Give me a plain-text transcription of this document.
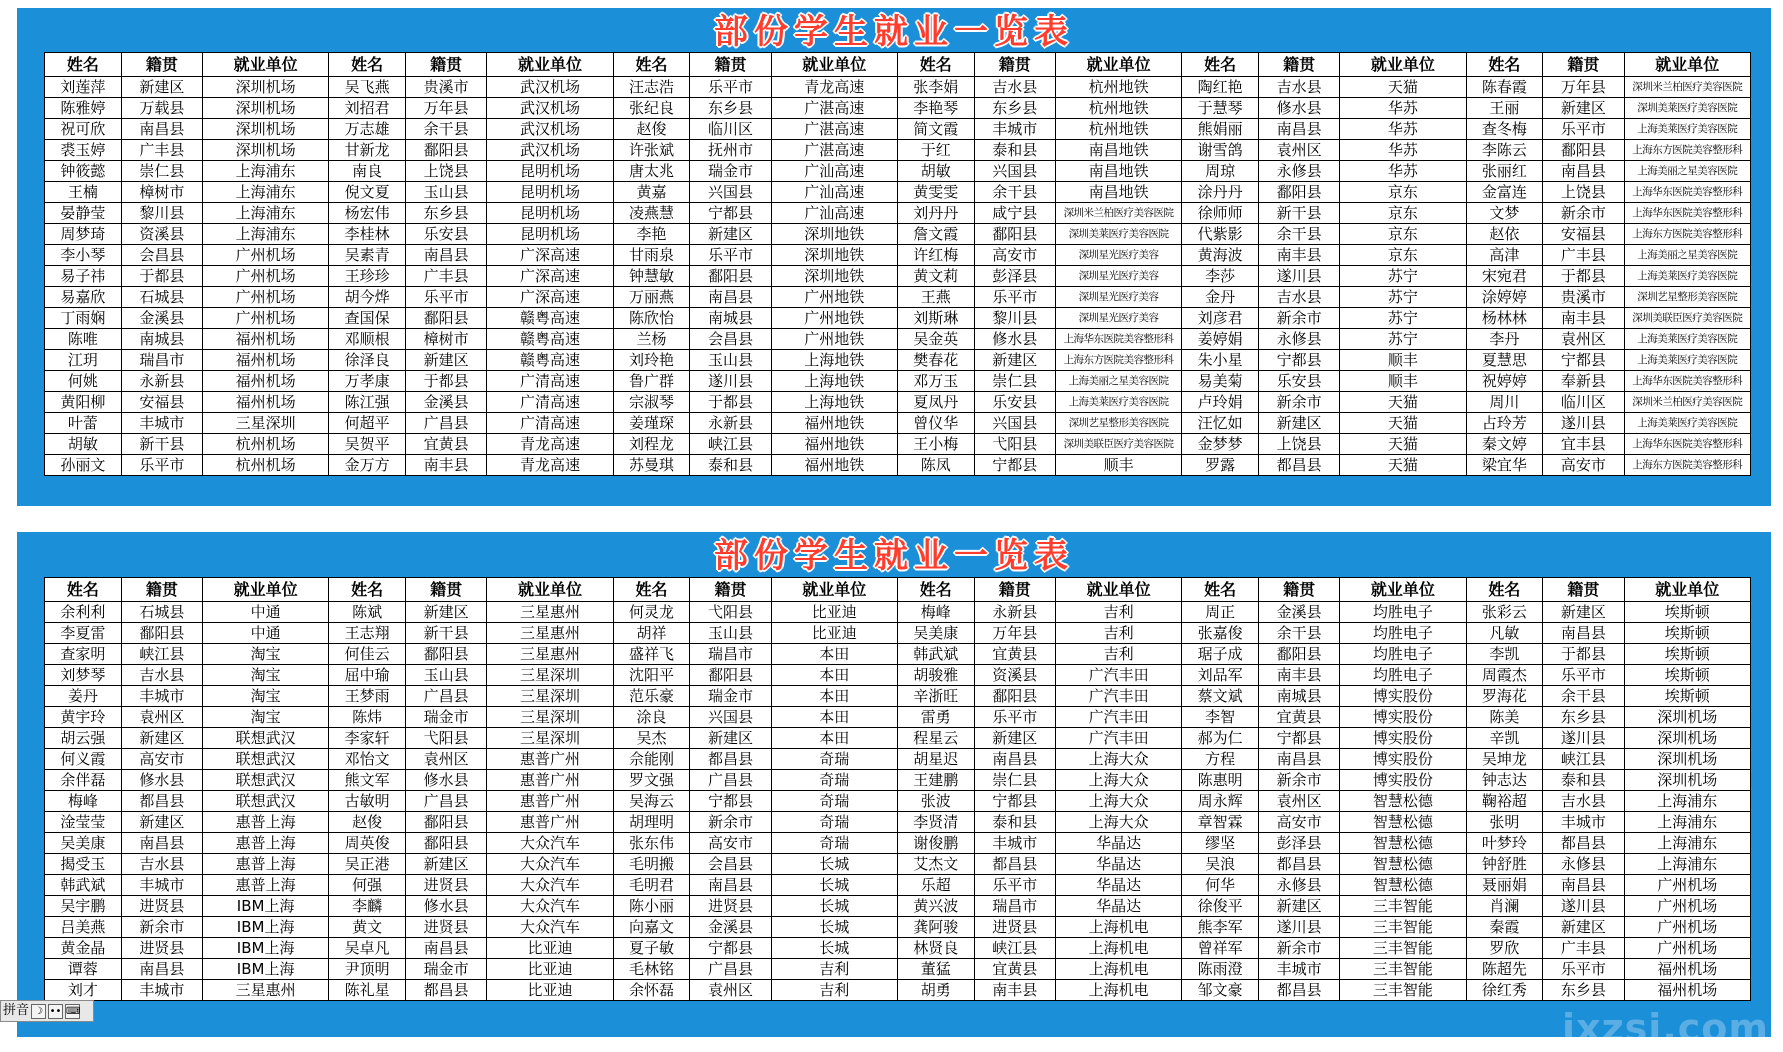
部份学生就业一览表
姓名	籍贯	就业单位	姓名	籍贯	就业单位	姓名	籍贯	就业单位	姓名	籍贯	就业单位	姓名	籍贯	就业单位	姓名	籍贯	就业单位
刘莲萍	新建区	深圳机场	吴飞燕	贵溪市	武汉机场	汪志浩	乐平市	青龙高速	张李娟	吉水县	杭州地铁	陶红艳	吉水县	天猫	陈春霞	万年县	深圳米兰柏医疗美容医院
陈雅婷	万载县	深圳机场	刘招君	万年县	武汉机场	张纪良	东乡县	广湛高速	李艳琴	东乡县	杭州地铁	于慧琴	修水县	华苏	王丽	新建区	深圳美莱医疗美容医院
祝可欣	南昌县	深圳机场	万志雄	余干县	武汉机场	赵俊	临川区	广湛高速	简文霞	丰城市	杭州地铁	熊娟丽	南昌县	华苏	查冬梅	乐平市	上海美莱医疗美容医院
裘玉婷	广丰县	深圳机场	甘新龙	鄱阳县	武汉机场	许张斌	抚州市	广湛高速	于红	泰和县	南昌地铁	谢雪鸽	袁州区	华苏	李陈云	鄱阳县	上海东方医院美容整形科
钟筱懿	崇仁县	上海浦东	南良	上饶县	昆明机场	唐太兆	瑞金市	广汕高速	胡敏	兴国县	南昌地铁	周琼	永修县	华苏	张丽红	南昌县	上海美丽之星美容医院
王楠	樟树市	上海浦东	倪文夏	玉山县	昆明机场	黄嘉	兴国县	广汕高速	黄雯雯	余干县	南昌地铁	涂丹丹	鄱阳县	京东	金富连	上饶县	上海华东医院美容整形科
晏静莹	黎川县	上海浦东	杨宏伟	东乡县	昆明机场	凌燕慧	宁都县	广汕高速	刘丹丹	咸宁县	深圳米兰柏医疗美容医院	徐师师	新干县	京东	文梦	新余市	上海华东医院美容整形科
周梦琦	资溪县	上海浦东	李桂林	乐安县	昆明机场	李艳	新建区	深圳地铁	詹文霞	鄱阳县	深圳美莱医疗美容医院	代紫影	余干县	京东	赵依	安福县	上海东方医院美容整形科
李小琴	会昌县	广州机场	吴素青	南昌县	广深高速	甘雨泉	乐平市	深圳地铁	许红梅	高安市	深圳星光医疗美容	黄海波	南丰县	京东	高津	广丰县	上海美丽之星美容医院
易子祎	于都县	广州机场	王珍珍	广丰县	广深高速	钟慧敏	鄱阳县	深圳地铁	黄文莉	彭泽县	深圳星光医疗美容	李莎	遂川县	苏宁	宋宛君	于都县	上海美莱医疗美容医院
易嘉欣	石城县	广州机场	胡今烨	乐平市	广深高速	万丽燕	南昌县	广州地铁	王燕	乐平市	深圳星光医疗美容	金丹	吉水县	苏宁	涂婷婷	贵溪市	深圳艺星整形美容医院
丁雨娴	金溪县	广州机场	查国保	鄱阳县	赣粤高速	陈欣怡	南城县	广州地铁	刘斯琳	黎川县	深圳星光医疗美容	刘彦君	新余市	苏宁	杨林林	南丰县	深圳美联臣医疗美容医院
陈唯	南城县	福州机场	邓顺根	樟树市	赣粤高速	兰杨	会昌县	广州地铁	吴金英	修水县	上海华东医院美容整形科	姜婷娟	永修县	苏宁	李丹	袁州区	上海美莱医疗美容医院
江玥	瑞昌市	福州机场	徐泽良	新建区	赣粤高速	刘玲艳	玉山县	上海地铁	樊春花	新建区	上海东方医院美容整形科	朱小星	宁都县	顺丰	夏慧思	宁都县	上海美莱医疗美容医院
何姚	永新县	福州机场	万孝康	于都县	广清高速	鲁广群	遂川县	上海地铁	邓万玉	崇仁县	上海美丽之星美容医院	易美菊	乐安县	顺丰	祝婷婷	奉新县	上海华东医院美容整形科
黄阳柳	安福县	福州机场	陈江强	金溪县	广清高速	宗淑琴	于都县	上海地铁	夏凤丹	乐安县	上海美莱医疗美容医院	卢玲娟	新余市	天猫	周川	临川区	深圳米兰柏医疗美容医院
叶蕾	丰城市	三星深圳	何超平	广昌县	广清高速	姜瑾琛	永新县	福州地铁	曾仪华	兴国县	深圳艺星整形美容医院	汪忆如	新建区	天猫	占玲芳	遂川县	上海美莱医疗美容医院
胡敏	新干县	杭州机场	吴贺平	宜黄县	青龙高速	刘程龙	峡江县	福州地铁	王小梅	弋阳县	深圳美联臣医疗美容医院	金梦梦	上饶县	天猫	秦文婷	宜丰县	上海华东医院美容整形科
孙丽文	乐平市	杭州机场	金万方	南丰县	青龙高速	苏曼琪	泰和县	福州地铁	陈凤	宁都县	顺丰	罗露	都昌县	天猫	梁宜华	高安市	上海东方医院美容整形科
部份学生就业一览表
姓名	籍贯	就业单位	姓名	籍贯	就业单位	姓名	籍贯	就业单位	姓名	籍贯	就业单位	姓名	籍贯	就业单位	姓名	籍贯	就业单位
余利利	石城县	中通	陈斌	新建区	三星惠州	何灵龙	弋阳县	比亚迪	梅峰	永新县	吉利	周正	金溪县	均胜电子	张彩云	新建区	埃斯顿
李夏雷	鄱阳县	中通	王志翔	新干县	三星惠州	胡祥	玉山县	比亚迪	吴美康	万年县	吉利	张嘉俊	余干县	均胜电子	凡敏	南昌县	埃斯顿
查家明	峡江县	淘宝	何佳云	鄱阳县	三星惠州	盛祥飞	瑞昌市	本田	韩武斌	宜黄县	吉利	琚子成	鄱阳县	均胜电子	李凯	于都县	埃斯顿
刘梦琴	吉水县	淘宝	屈中瑜	玉山县	三星深圳	沈阳平	鄱阳县	本田	胡骏雅	资溪县	广汽丰田	刘品军	南丰县	均胜电子	周霞杰	乐平市	埃斯顿
姜丹	丰城市	淘宝	王梦雨	广昌县	三星深圳	范乐豪	瑞金市	本田	辛浙旺	鄱阳县	广汽丰田	蔡文斌	南城县	博实股份	罗海花	余干县	埃斯顿
黄宇玲	袁州区	淘宝	陈炜	瑞金市	三星深圳	涂良	兴国县	本田	雷勇	乐平市	广汽丰田	李智	宜黄县	博实股份	陈美	东乡县	深圳机场
胡云强	新建区	联想武汉	李家轩	弋阳县	三星深圳	吴杰	新建区	本田	程星云	新建区	广汽丰田	郝为仁	宁都县	博实股份	辛凯	遂川县	深圳机场
何义霞	高安市	联想武汉	邓怡文	袁州区	惠普广州	佘能刚	都昌县	奇瑞	胡星迟	南昌县	上海大众	方程	南昌县	博实股份	吴坤龙	峡江县	深圳机场
余伴磊	修水县	联想武汉	熊文军	修水县	惠普广州	罗文强	广昌县	奇瑞	王建鹏	崇仁县	上海大众	陈惠明	新余市	博实股份	钟志达	泰和县	深圳机场
梅峰	都昌县	联想武汉	古敏明	广昌县	惠普广州	吴海云	宁都县	奇瑞	张波	宁都县	上海大众	周永辉	袁州区	智慧松德	鞠裕超	吉水县	上海浦东
淦莹莹	新建区	惠普上海	赵俊	鄱阳县	惠普广州	胡理明	新余市	奇瑞	李贤清	泰和县	上海大众	章智霖	高安市	智慧松德	张明	丰城市	上海浦东
吴美康	南昌县	惠普上海	周英俊	鄱阳县	大众汽车	张东伟	高安市	奇瑞	谢俊鹏	丰城市	华晶达	缪坚	彭泽县	智慧松德	叶梦玲	都昌县	上海浦东
揭受玉	吉水县	惠普上海	吴正港	新建区	大众汽车	毛明搬	会昌县	长城	艾杰文	都昌县	华晶达	吴浪	都昌县	智慧松德	钟舒胜	永修县	上海浦东
韩武斌	丰城市	惠普上海	何强	进贤县	大众汽车	毛明君	南昌县	长城	乐超	乐平市	华晶达	何华	永修县	智慧松德	聂丽娟	南昌县	广州机场
吴宇鹏	进贤县	IBM上海	李麟	修水县	大众汽车	陈小丽	进贤县	长城	黄兴波	瑞昌市	华晶达	徐俊平	新建区	三丰智能	肖澜	遂川县	广州机场
吕美燕	新余市	IBM上海	黄文	进贤县	大众汽车	向嘉文	金溪县	长城	龚阿骏	进贤县	上海机电	熊李军	遂川县	三丰智能	秦霞	新建区	广州机场
黄金晶	进贤县	IBM上海	吴卓凡	南昌县	比亚迪	夏子敏	宁都县	长城	林贤良	峡江县	上海机电	曾祥军	新余市	三丰智能	罗欣	广丰县	广州机场
谭蓉	南昌县	IBM上海	尹顶明	瑞金市	比亚迪	毛林铭	广昌县	吉利	董猛	宜黄县	上海机电	陈雨澄	丰城市	三丰智能	陈超先	乐平市	福州机场
刘才	丰城市	三星惠州	陈礼星	都昌县	比亚迪	余怀磊	袁州区	吉利	胡勇	南丰县	上海机电	邹文豪	都昌县	三丰智能	徐红秀	东乡县	福州机场
拼音 ☽ •• ⌨	ixzsi.com
